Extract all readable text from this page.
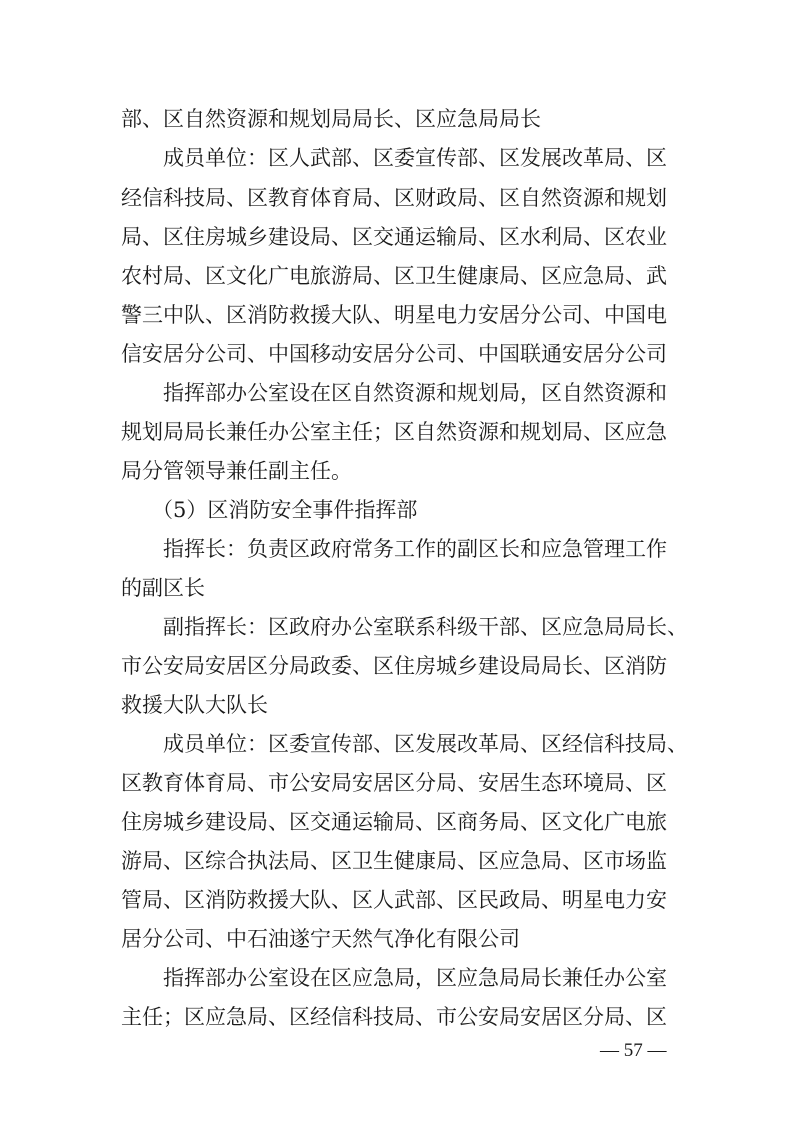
部、区自然资源和规划局局长、区应急局局长
成员单位：区人武部、区委宣传部、区发展改革局、区
经信科技局、区教育体育局、区财政局、区自然资源和规划
局、区住房城乡建设局、区交通运输局、区水利局、区农业
农村局、区文化广电旅游局、区卫生健康局、区应急局、武
警三中队、区消防救援大队、明星电力安居分公司、中国电
信安居分公司、中国移动安居分公司、中国联通安居分公司
指挥部办公室设在区自然资源和规划局，区自然资源和
规划局局长兼任办公室主任；区自然资源和规划局、区应急
局分管领导兼任副主任。
（5）区消防安全事件指挥部
指挥长：负责区政府常务工作的副区长和应急管理工作
的副区长
副指挥长：区政府办公室联系科级干部、区应急局局长、
市公安局安居区分局政委、区住房城乡建设局局长、区消防
救援大队大队长
成员单位：区委宣传部、区发展改革局、区经信科技局、
区教育体育局、市公安局安居区分局、安居生态环境局、区
住房城乡建设局、区交通运输局、区商务局、区文化广电旅
游局、区综合执法局、区卫生健康局、区应急局、区市场监
管局、区消防救援大队、区人武部、区民政局、明星电力安
居分公司、中石油遂宁天然气净化有限公司
指挥部办公室设在区应急局，区应急局局长兼任办公室
主任；区应急局、区经信科技局、市公安局安居区分局、区
— 57 —
